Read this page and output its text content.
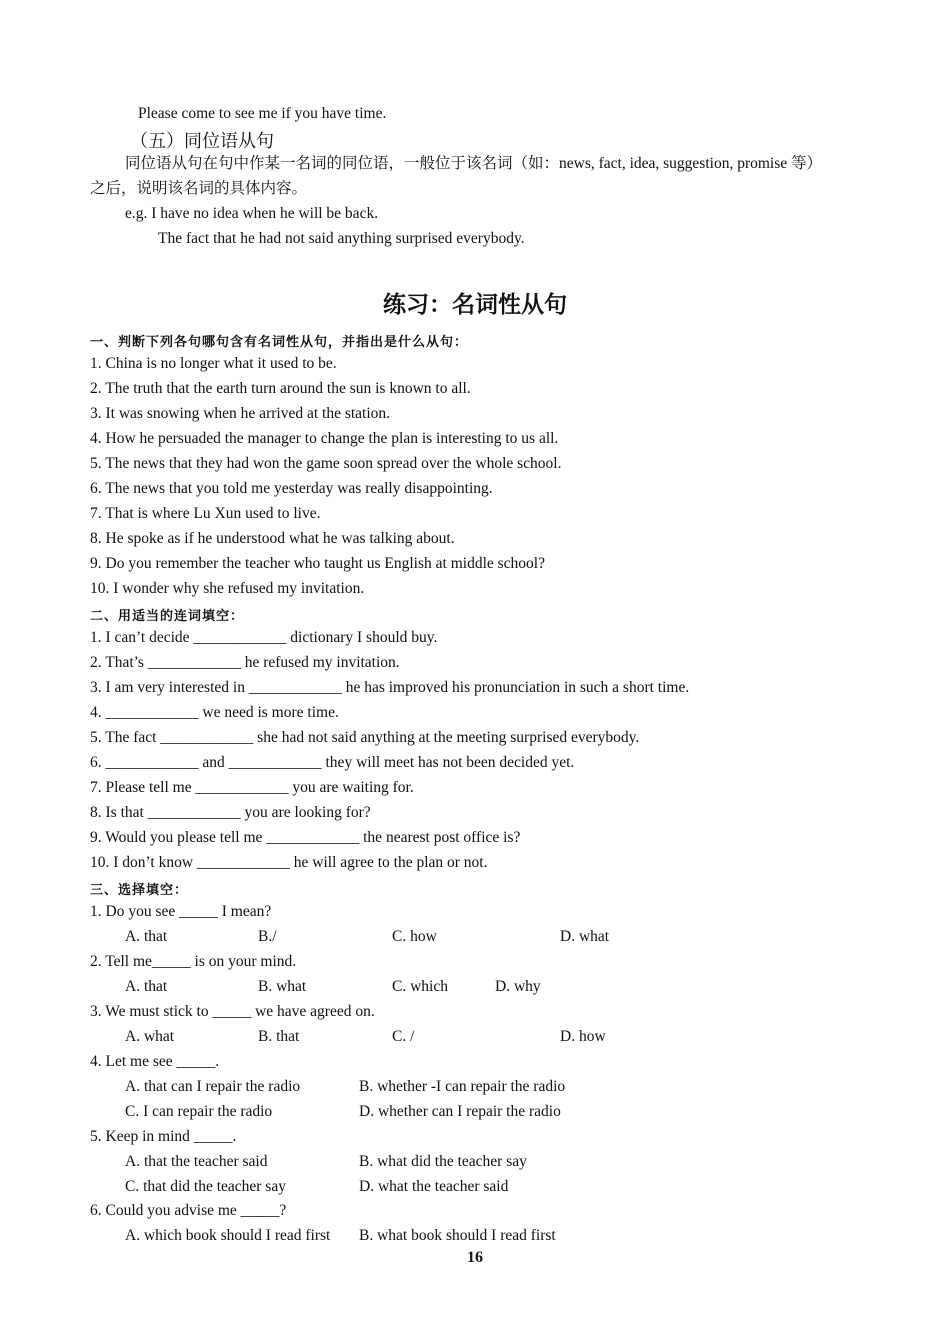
Please come to see me if you have time.
（五）同位语从句
同位语从句在句中作某一名词的同位语，一般位于该名词（如：news, fact, idea, suggestion, promise 等）
之后，说明该名词的具体内容。
e.g. I have no idea when he will be back.
The fact that he had not said anything surprised everybody.
练习：名词性从句
一、判断下列各句哪句含有名词性从句，并指出是什么从句：
1. China is no longer what it used to be.
2. The truth that the earth turn around the sun is known to all.
3. It was snowing when he arrived at the station.
4. How he persuaded the manager to change the plan is interesting to us all.
5. The news that they had won the game soon spread over the whole school.
6. The news that you told me yesterday was really disappointing.
7. That is where Lu Xun used to live.
8. He spoke as if he understood what he was talking about.
9. Do you remember the teacher who taught us English at middle school?
10. I wonder why she refused my invitation.
二、用适当的连词填空：
1. I can’t decide ____________ dictionary I should buy.
2. That’s ____________ he refused my invitation.
3. I am very interested in ____________ he has improved his pronunciation in such a short time.
4. ____________ we need is more time.
5. The fact ____________ she had not said anything at the meeting surprised everybody.
6. ____________ and ____________ they will meet has not been decided yet.
7. Please tell me ____________ you are waiting for.
8. Is that ____________ you are looking for?
9. Would you please tell me ____________ the nearest post office is?
10. I don’t know ____________ he will agree to the plan or not.
三、选择填空：
1. Do you see _____ I mean?
A. that	B./	C. how	D. what
2. Tell me_____ is on your mind.
A. that	B. what	C. which	D. why
3. We must stick to _____ we have agreed on.
A. what	B. that	C. /	D. how
4. Let me see _____.
A. that can I repair the radio	B. whether -I can repair the radio
C. I can repair the radio	D. whether can I repair the radio
5. Keep in mind _____.
A. that the teacher said	B. what did the teacher say
C. that did the teacher say	D. what the teacher said
6. Could you advise me _____?
A. which book should I read first B. what book should I read first
16
